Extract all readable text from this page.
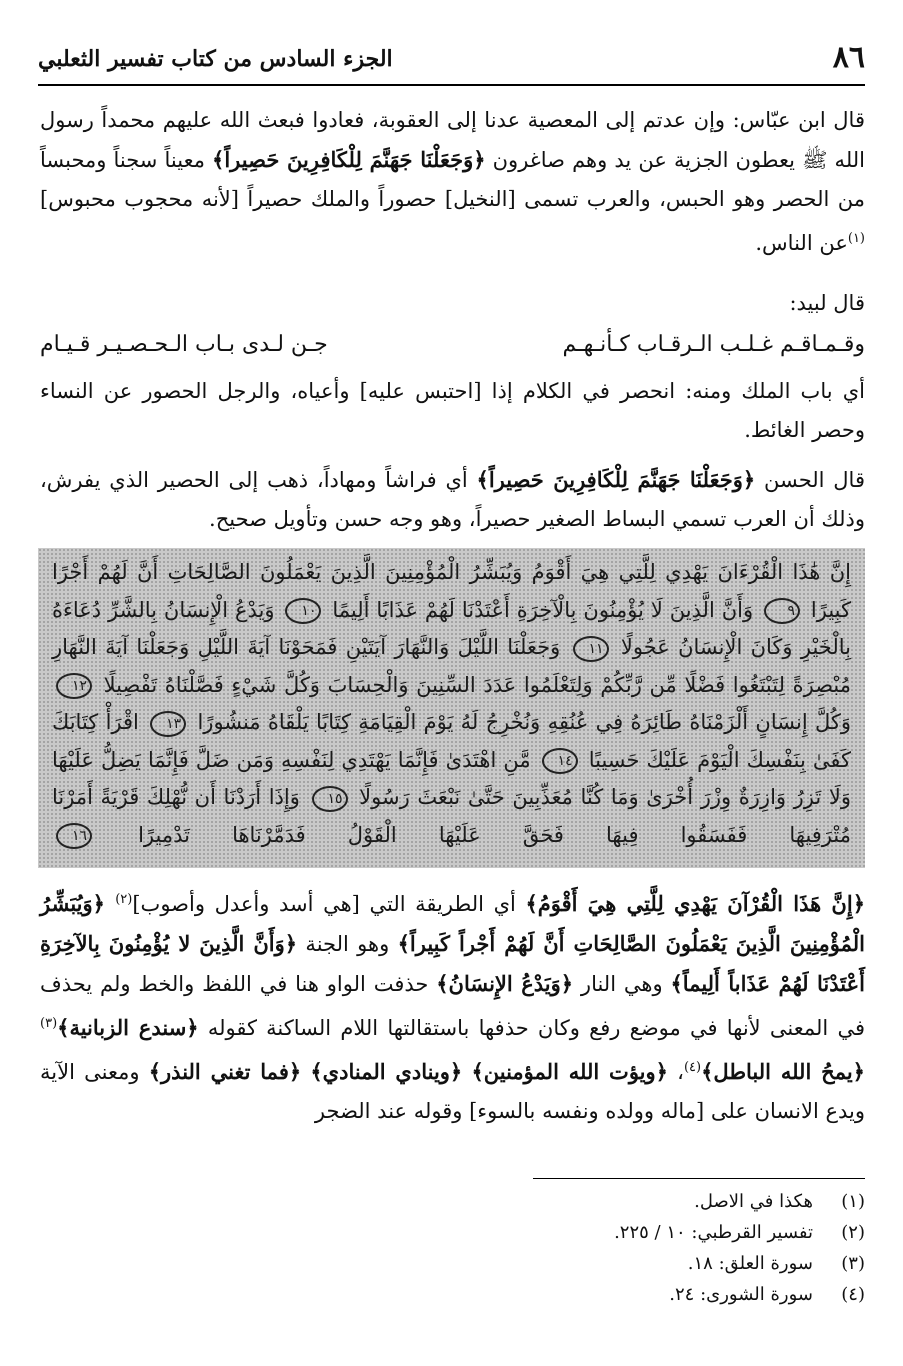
٨٦
الجزء السادس من كتاب تفسير الثعلبي

قال ابن عبّاس: وإن عدتم إلى المعصية عدنا إلى العقوبة، فعادوا فبعث الله عليهم محمداً رسول الله ﷺ يعطون الجزية عن يد وهم صاغرون ﴿وَجَعَلْنَا جَهَنَّمَ لِلْكَافِرِينَ حَصِيراً﴾ معيناً سجناً ومحبساً من الحصر وهو الحبس، والعرب تسمى [النخيل] حصوراً والملك حصيراً [لأنه محجوب محبوس]$^{(١)}$عن الناس.

قال لبيد:

وقـمـاقـم غـلـب الـرقـاب كـأنـهـم
جـن لـدى بـاب الـحـصـيـر قـيـام

أي باب الملك ومنه: انحصر في الكلام إذا [احتبس عليه] وأعياه، والرجل الحصور عن النساء وحصر الغائط.

قال الحسن ﴿وَجَعَلْنَا جَهَنَّمَ لِلْكَافِرِينَ حَصِيراً﴾ أي فراشاً ومهاداً، ذهب إلى الحصير الذي يفرش، وذلك أن العرب تسمي البساط الصغير حصيراً، وهو وجه حسن وتأويل صحيح.

إِنَّ هَٰذَا الْقُرْءَانَ يَهْدِي لِلَّتِي هِيَ أَقْوَمُ وَيُبَشِّرُ الْمُؤْمِنِينَ الَّذِينَ يَعْمَلُونَ الصَّالِحَاتِ أَنَّ لَهُمْ أَجْرًا كَبِيرًا ٩ وَأَنَّ الَّذِينَ لَا يُؤْمِنُونَ بِالْآخِرَةِ أَعْتَدْنَا لَهُمْ عَذَابًا أَلِيمًا ١٠ وَيَدْعُ الْإِنسَانُ بِالشَّرِّ دُعَاءَهُ بِالْخَيْرِ وَكَانَ الْإِنسَانُ عَجُولًا ١١ وَجَعَلْنَا اللَّيْلَ وَالنَّهَارَ آيَتَيْنِ فَمَحَوْنَا آيَةَ اللَّيْلِ وَجَعَلْنَا آيَةَ النَّهَارِ مُبْصِرَةً لِتَبْتَغُوا فَضْلًا مِّن رَّبِّكُمْ وَلِتَعْلَمُوا عَدَدَ السِّنِينَ وَالْحِسَابَ وَكُلَّ شَيْءٍ فَصَّلْنَاهُ تَفْصِيلًا ١٢ وَكُلَّ إِنسَانٍ أَلْزَمْنَاهُ طَائِرَهُ فِي عُنُقِهِ وَنُخْرِجُ لَهُ يَوْمَ الْقِيَامَةِ كِتَابًا يَلْقَاهُ مَنشُورًا ١٣ اقْرَأْ كِتَابَكَ كَفَىٰ بِنَفْسِكَ الْيَوْمَ عَلَيْكَ حَسِيبًا ١٤ مَّنِ اهْتَدَىٰ فَإِنَّمَا يَهْتَدِي لِنَفْسِهِ وَمَن ضَلَّ فَإِنَّمَا يَضِلُّ عَلَيْهَا وَلَا تَزِرُ وَازِرَةٌ وِزْرَ أُخْرَىٰ وَمَا كُنَّا مُعَذِّبِينَ حَتَّىٰ نَبْعَثَ رَسُولًا ١٥ وَإِذَا أَرَدْنَا أَن نُّهْلِكَ قَرْيَةً أَمَرْنَا مُتْرَفِيهَا فَفَسَقُوا فِيهَا فَحَقَّ عَلَيْهَا الْقَوْلُ فَدَمَّرْنَاهَا تَدْمِيرًا ١٦

﴿إِنَّ هَذَا الْقُرْآنَ يَهْدِي لِلَّتِي هِيَ أَقْوَمُ﴾ أي الطريقة التي [هي أسد وأعدل وأصوب]$^{(٢)}$ ﴿وَيُبَشِّرُ الْمُؤْمِنِينَ الَّذِينَ يَعْمَلُونَ الصَّالِحَاتِ أَنَّ لَهُمْ أَجْراً كَبِيراً﴾ وهو الجنة ﴿وَأَنَّ الَّذِينَ لا يُؤْمِنُونَ بِالآخِرَةِ أَعْتَدْنَا لَهُمْ عَذَاباً أَلِيماً﴾ وهي النار ﴿وَيَدْعُ الإِنسَانُ﴾ حذفت الواو هنا في اللفظ والخط ولم يحذف في المعنى لأنها في موضع رفع وكان حذفها باستقالتها اللام الساكنة كقوله ﴿سندع الزبانية﴾$^{(٣)}$ ﴿يمحُ الله الباطل﴾$^{(٤)}$، ﴿ويؤت الله المؤمنين﴾ ﴿وينادي المنادي﴾ ﴿فما تغني النذر﴾ ومعنى الآية ويدع الانسان على [ماله وولده ونفسه بالسوء] وقوله عند الضجر

(١)
هكذا في الاصل.
(٢)
تفسير القرطبي: ١٠ / ٢٢٥.
(٣)
سورة العلق: ١٨.
(٤)
سورة الشورى: ٢٤.
